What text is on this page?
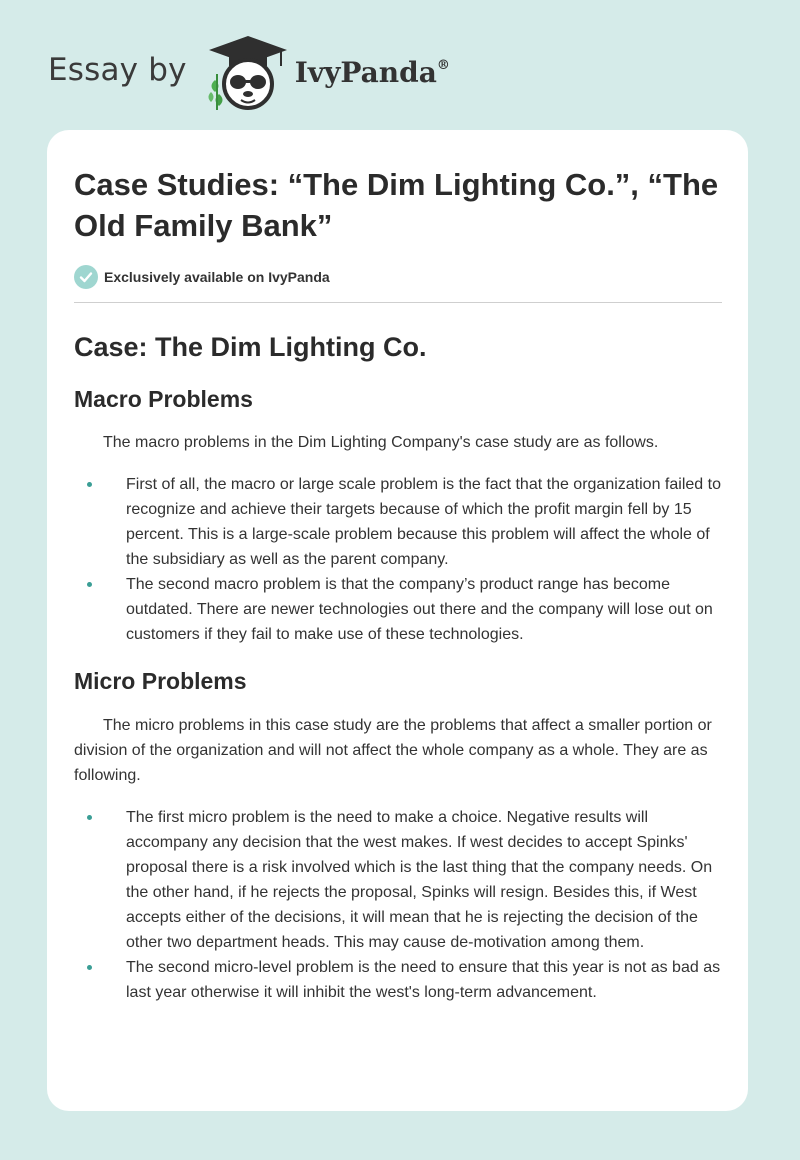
Essay by	IvyPanda®
Case Studies: “The Dim Lighting Co.”, “The Old Family Bank”
Exclusively available on IvyPanda
Case: The Dim Lighting Co.
Macro Problems

The macro problems in the Dim Lighting Company's case study are as follows.

First of all, the macro or large scale problem is the fact that the organization failed to recognize and achieve their targets because of which the profit margin fell by 15 percent. This is a large-scale problem because this problem will affect the whole of the subsidiary as well as the parent company.
The second macro problem is that the company’s product range has become outdated. There are newer technologies out there and the company will lose out on customers if they fail to make use of these technologies.
Micro Problems

The micro problems in this case study are the problems that affect a smaller portion or division of the organization and will not affect the whole company as a whole. They are as following.

The first micro problem is the need to make a choice. Negative results will accompany any decision that the west makes. If west decides to accept Spinks' proposal there is a risk involved which is the last thing that the company needs. On the other hand, if he rejects the proposal, Spinks will resign. Besides this, if West accepts either of the decisions, it will mean that he is rejecting the decision of the other two department heads. This may cause de-motivation among them.
The second micro-level problem is the need to ensure that this year is not as bad as last year otherwise it will inhibit the west's long-term advancement.
